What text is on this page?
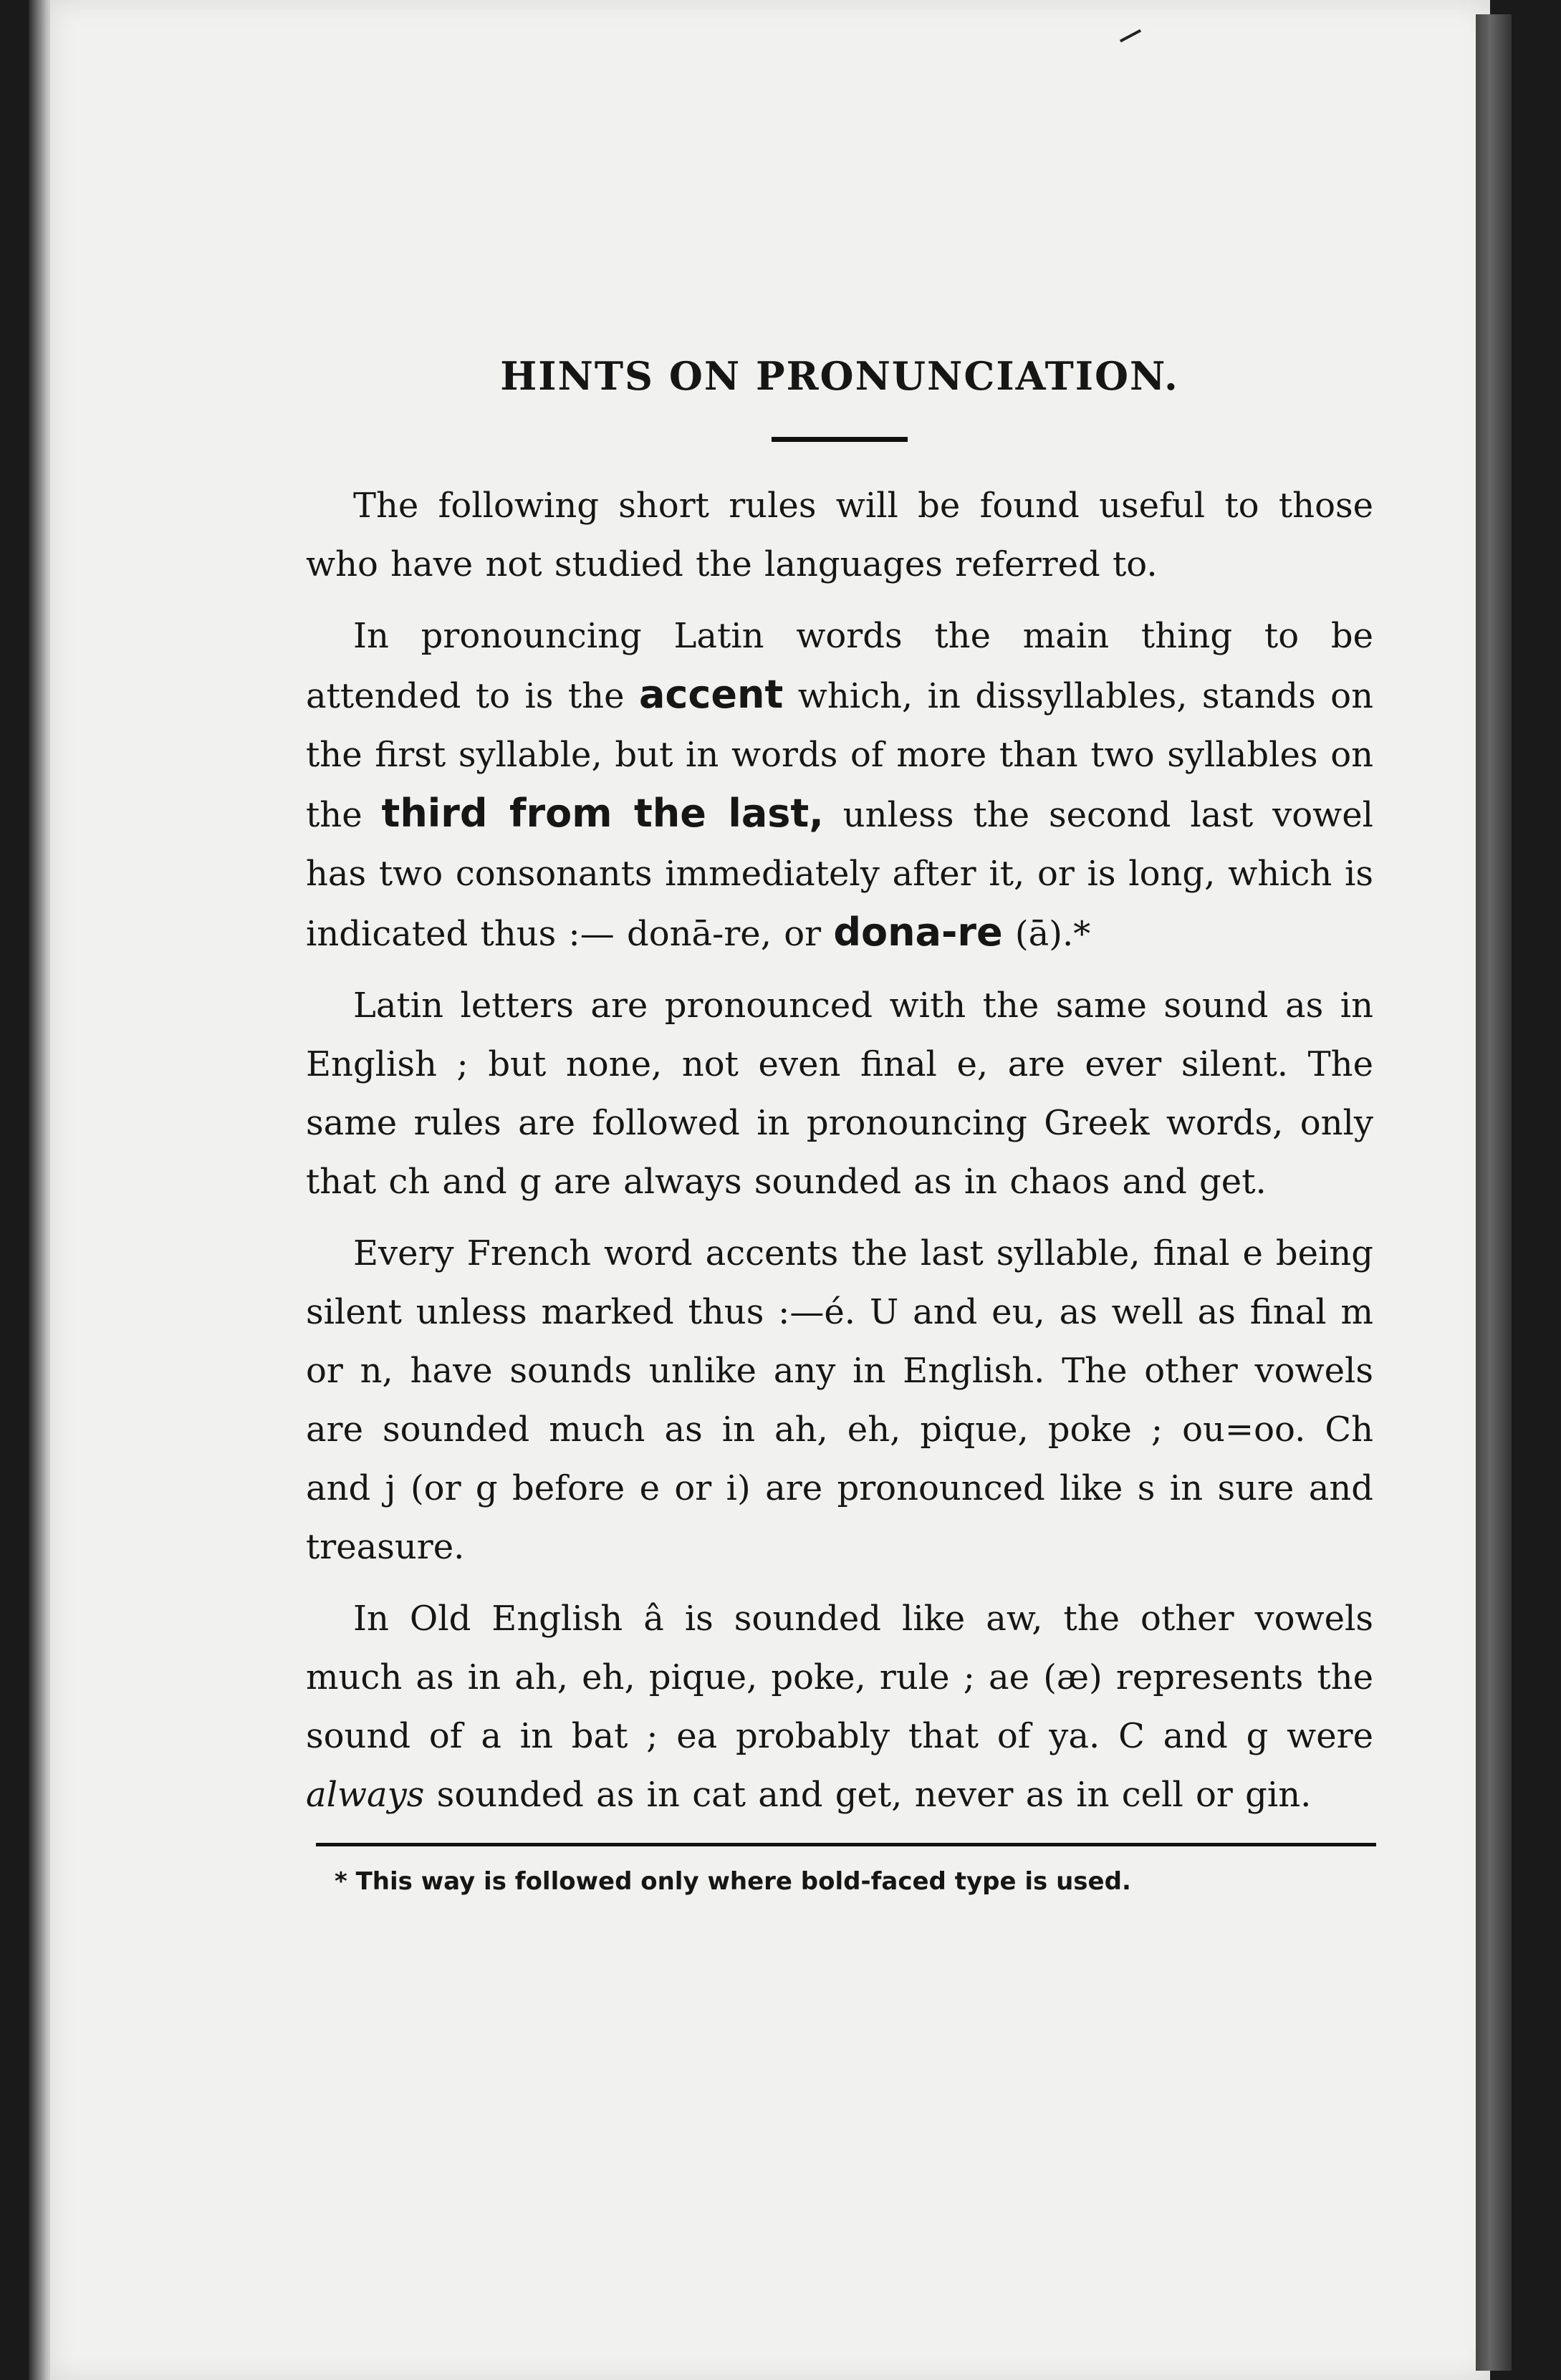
HINTS ON PRONUNCIATION.

The following short rules will be found useful to those who have not studied the languages referred to.

In pronouncing Latin words the main thing to be attended to is the accent which, in dissyllables, stands on the first syllable, but in words of more than two syllables on the third from the last, unless the second last vowel has two consonants immediately after it, or is long, which is indicated thus :— donā-re, or dona-re (ā).*

Latin letters are pronounced with the same sound as in English ; but none, not even final e, are ever silent. The same rules are followed in pronouncing Greek words, only that ch and g are always sounded as in chaos and get.

Every French word accents the last syllable, final e being silent unless marked thus :—é. U and eu, as well as final m or n, have sounds unlike any in English. The other vowels are sounded much as in ah, eh, pique, poke ; ou=oo. Ch and j (or g before e or i) are pronounced like s in sure and treasure.

In Old English â is sounded like aw, the other vowels much as in ah, eh, pique, poke, rule ; ae (æ) represents the sound of a in bat ; ea probably that of ya. C and g were always sounded as in cat and get, never as in cell or gin.

* This way is followed only where bold-faced type is used.
